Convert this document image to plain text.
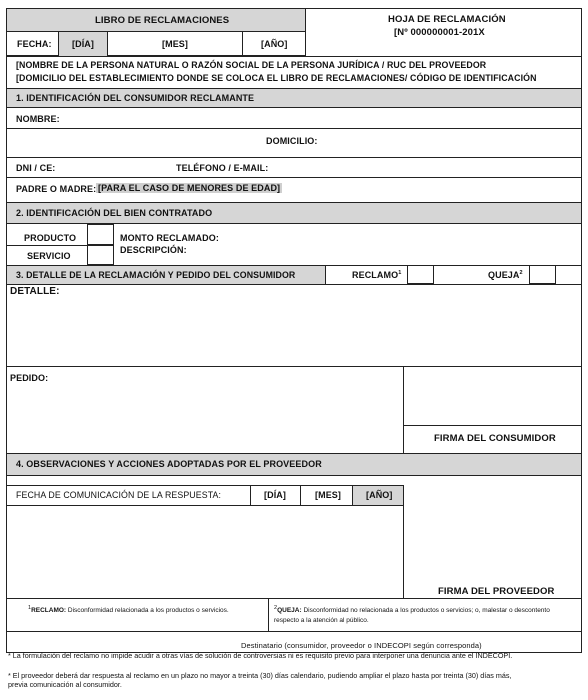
LIBRO DE RECLAMACIONES
FECHA: [DÍA]	[MES]	[AÑO]
HOJA DE RECLAMACIÓN
[Nº 000000001-201X
[NOMBRE DE LA PERSONA NATURAL O RAZÓN SOCIAL DE LA PERSONA JURÍDICA / RUC DEL PROVEEDOR
[DOMICILIO DEL ESTABLECIMIENTO DONDE SE COLOCA EL LIBRO DE RECLAMACIONES/ CÓDIGO DE IDENTIFICACIÓN
1. IDENTIFICACIÓN DEL CONSUMIDOR RECLAMANTE
NOMBRE:
DOMICILIO:
DNI / CE:	TELÉFONO / E-MAIL:
PADRE O MADRE: [PARA EL CASO DE MENORES DE EDAD]
2. IDENTIFICACIÓN DEL BIEN CONTRATADO
PRODUCTO
SERVICIO
MONTO RECLAMADO:
DESCRIPCIÓN:
3. DETALLE DE LA RECLAMACIÓN Y PEDIDO DEL CONSUMIDOR	RECLAMO$^1$	QUEJA$^2$
DETALLE:
PEDIDO:
FIRMA DEL CONSUMIDOR
4. OBSERVACIONES Y ACCIONES ADOPTADAS POR EL PROVEEDOR
FECHA DE COMUNICACIÓN DE LA RESPUESTA:	[DÍA]	[MES]	[AÑO]
FIRMA DEL PROVEEDOR
$^1$RECLAMO: Disconformidad relacionada a los productos o servicios.	$^2$QUEJA: Disconformidad no relacionada a los productos o servicios; o, malestar o descontento respecto a la atención al público.
Destinatario (consumidor, proveedor o INDECOPI según corresponda)
* La formulación del reclamo no impide acudir a otras vías de solución de controversias ni es requisito previo para interponer una denuncia ante el INDECOPI.
* El proveedor deberá dar respuesta al reclamo en un plazo no mayor a treinta (30) días calendario, pudiendo ampliar el plazo hasta por treinta (30) días más, previa comunicación al consumidor.
